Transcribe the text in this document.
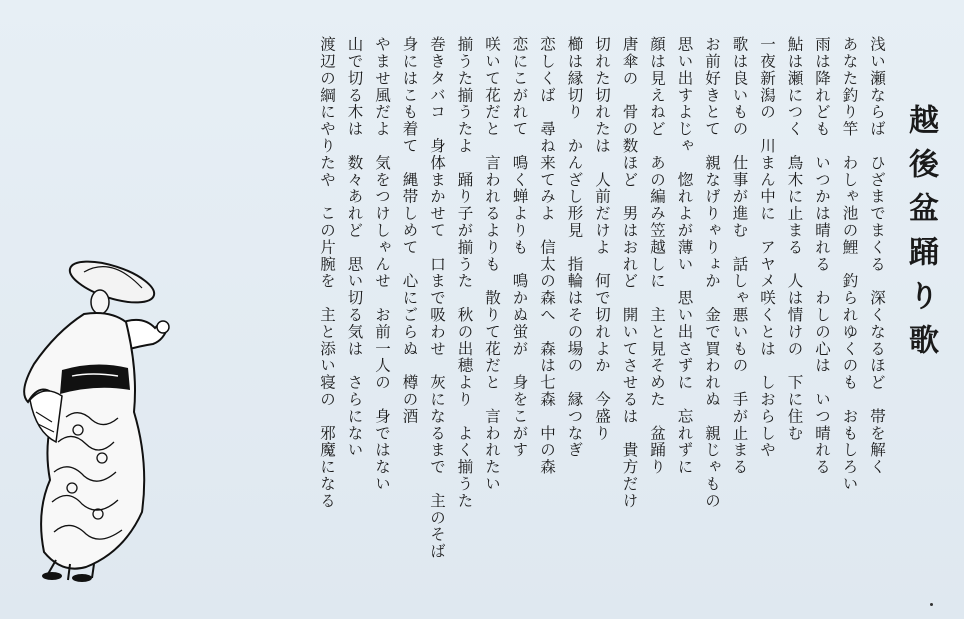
越後盆踊り歌
浅い瀬ならば　ひざまでまくる　深くなるほど　帯を解く
あなた釣り竿　わしゃ池の鯉　釣られゆくのも　おもしろい
雨は降れども　いつかは晴れる　わしの心は　いつ晴れる
鮎は瀬につく　鳥木に止まる　人は情けの　下に住む
一夜新潟の　川まん中に　アヤメ咲くとは　しおらしや
歌は良いもの　仕事が進む　話しゃ悪いもの　手が止まる
お前好きとて　親なげりゃりょか　金で買われぬ　親じゃもの
思い出すよじゃ　惚れよが薄い　思い出さずに　忘れずに
顔は見えねど　あの編み笠越しに　主と見そめた　盆踊り
唐傘の　骨の数ほど　男はおれど　開いてさせるは　貴方だけ
切れた切れたは　人前だけよ　何で切れよか　今盛り
櫛は縁切り　かんざし形見　指輪はその場の　縁つなぎ
恋しくば　尋ね来てみよ　信太の森へ　森は七森　中の森
恋にこがれて　鳴く蝉よりも　鳴かぬ蛍が　身をこがす
咲いて花だと　言われるよりも　散りて花だと　言われたい
揃うた揃うたよ　踊り子が揃うた　秋の出穂より　よく揃うた
巻きタバコ　身体まかせて　口まで吸わせ　灰になるまで　主のそば
身にはこも着て　縄帯しめて　心にごらぬ　樽の酒
やませ風だよ　気をつけしゃんせ　お前一人の　身ではない
山で切る木は　数々あれど　思い切る気は　さらにない
渡辺の綱にやりたや　この片腕を　主と添い寝の　邪魔になる
